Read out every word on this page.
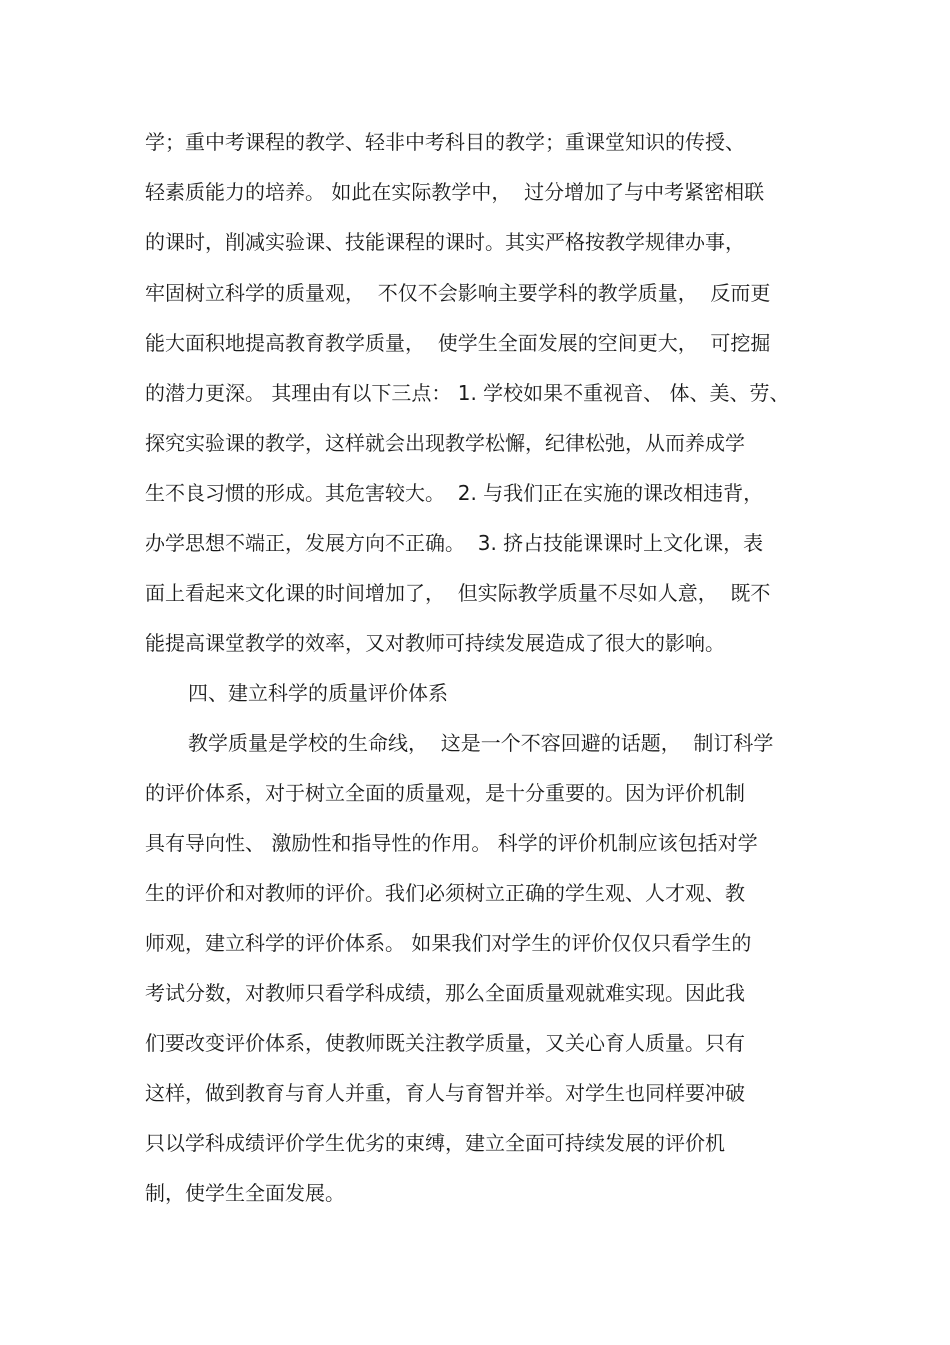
学；重中考课程的教学、轻非中考科目的教学；重课堂知识的传授、
轻素质能力的培养。 如此在实际教学中，  过分增加了与中考紧密相联
的课时，削减实验课、技能课程的课时。其实严格按教学规律办事，
牢固树立科学的质量观，  不仅不会影响主要学科的教学质量，  反而更
能大面积地提高教育教学质量，  使学生全面发展的空间更大，  可挖掘
的潜力更深。 其理由有以下三点： 1. 学校如果不重视音、 体、美、劳、
探究实验课的教学，这样就会出现教学松懈，纪律松弛，从而养成学
生不良习惯的形成。其危害较大。  2. 与我们正在实施的课改相违背，
办学思想不端正，发展方向不正确。  3. 挤占技能课课时上文化课，表
面上看起来文化课的时间增加了，  但实际教学质量不尽如人意，  既不
能提高课堂教学的效率，又对教师可持续发展造成了很大的影响。
四、建立科学的质量评价体系
教学质量是学校的生命线，  这是一个不容回避的话题，  制订科学
的评价体系，对于树立全面的质量观，是十分重要的。因为评价机制
具有导向性、 激励性和指导性的作用。 科学的评价机制应该包括对学
生的评价和对教师的评价。我们必须树立正确的学生观、人才观、教
师观，建立科学的评价体系。 如果我们对学生的评价仅仅只看学生的
考试分数，对教师只看学科成绩，那么全面质量观就难实现。因此我
们要改变评价体系，使教师既关注教学质量，又关心育人质量。只有
这样，做到教育与育人并重，育人与育智并举。对学生也同样要冲破
只以学科成绩评价学生优劣的束缚，建立全面可持续发展的评价机
制，使学生全面发展。
